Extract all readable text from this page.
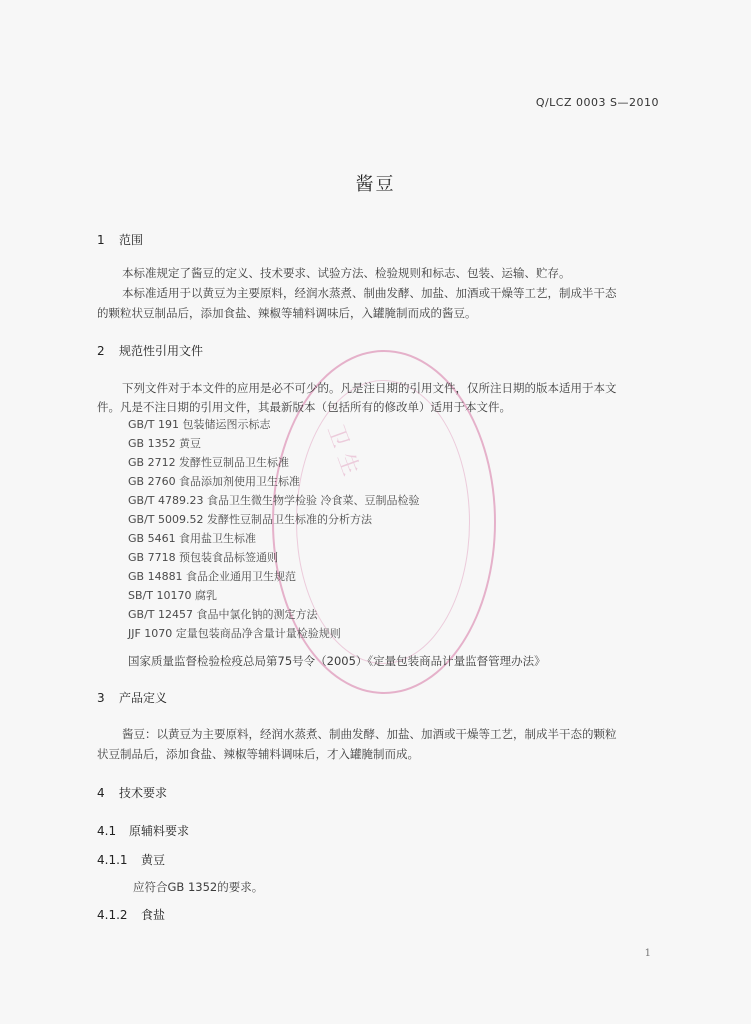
卫生
Q/LCZ 0003 S—2010
酱豆
1 范围
本标准规定了酱豆的定义、技术要求、试验方法、检验规则和标志、包装、运输、贮存。
本标准适用于以黄豆为主要原料，经润水蒸煮、制曲发酵、加盐、加酒或干燥等工艺，制成半干态
的颗粒状豆制品后，添加食盐、辣椒等辅料调味后，入罐腌制而成的酱豆。
2 规范性引用文件
下列文件对于本文件的应用是必不可少的。凡是注日期的引用文件，仅所注日期的版本适用于本文
件。凡是不注日期的引用文件，其最新版本（包括所有的修改单）适用于本文件。
GB/T 191 包装储运图示标志
GB 1352 黄豆
GB 2712 发酵性豆制品卫生标准
GB 2760 食品添加剂使用卫生标准
GB/T 4789.23 食品卫生微生物学检验 冷食菜、豆制品检验
GB/T 5009.52 发酵性豆制品卫生标准的分析方法
GB 5461 食用盐卫生标准
GB 7718 预包装食品标签通则
GB 14881 食品企业通用卫生规范
SB/T 10170 腐乳
GB/T 12457 食品中氯化钠的测定方法
JJF 1070 定量包装商品净含量计量检验规则
国家质量监督检验检疫总局第75号令（2005）《定量包装商品计量监督管理办法》
3 产品定义
酱豆：以黄豆为主要原料，经润水蒸煮、制曲发酵、加盐、加酒或干燥等工艺，制成半干态的颗粒
状豆制品后，添加食盐、辣椒等辅料调味后，才入罐腌制而成。
4 技术要求
4.1 原辅料要求
4.1.1 黄豆
应符合GB 1352的要求。
4.1.2 食盐
1
